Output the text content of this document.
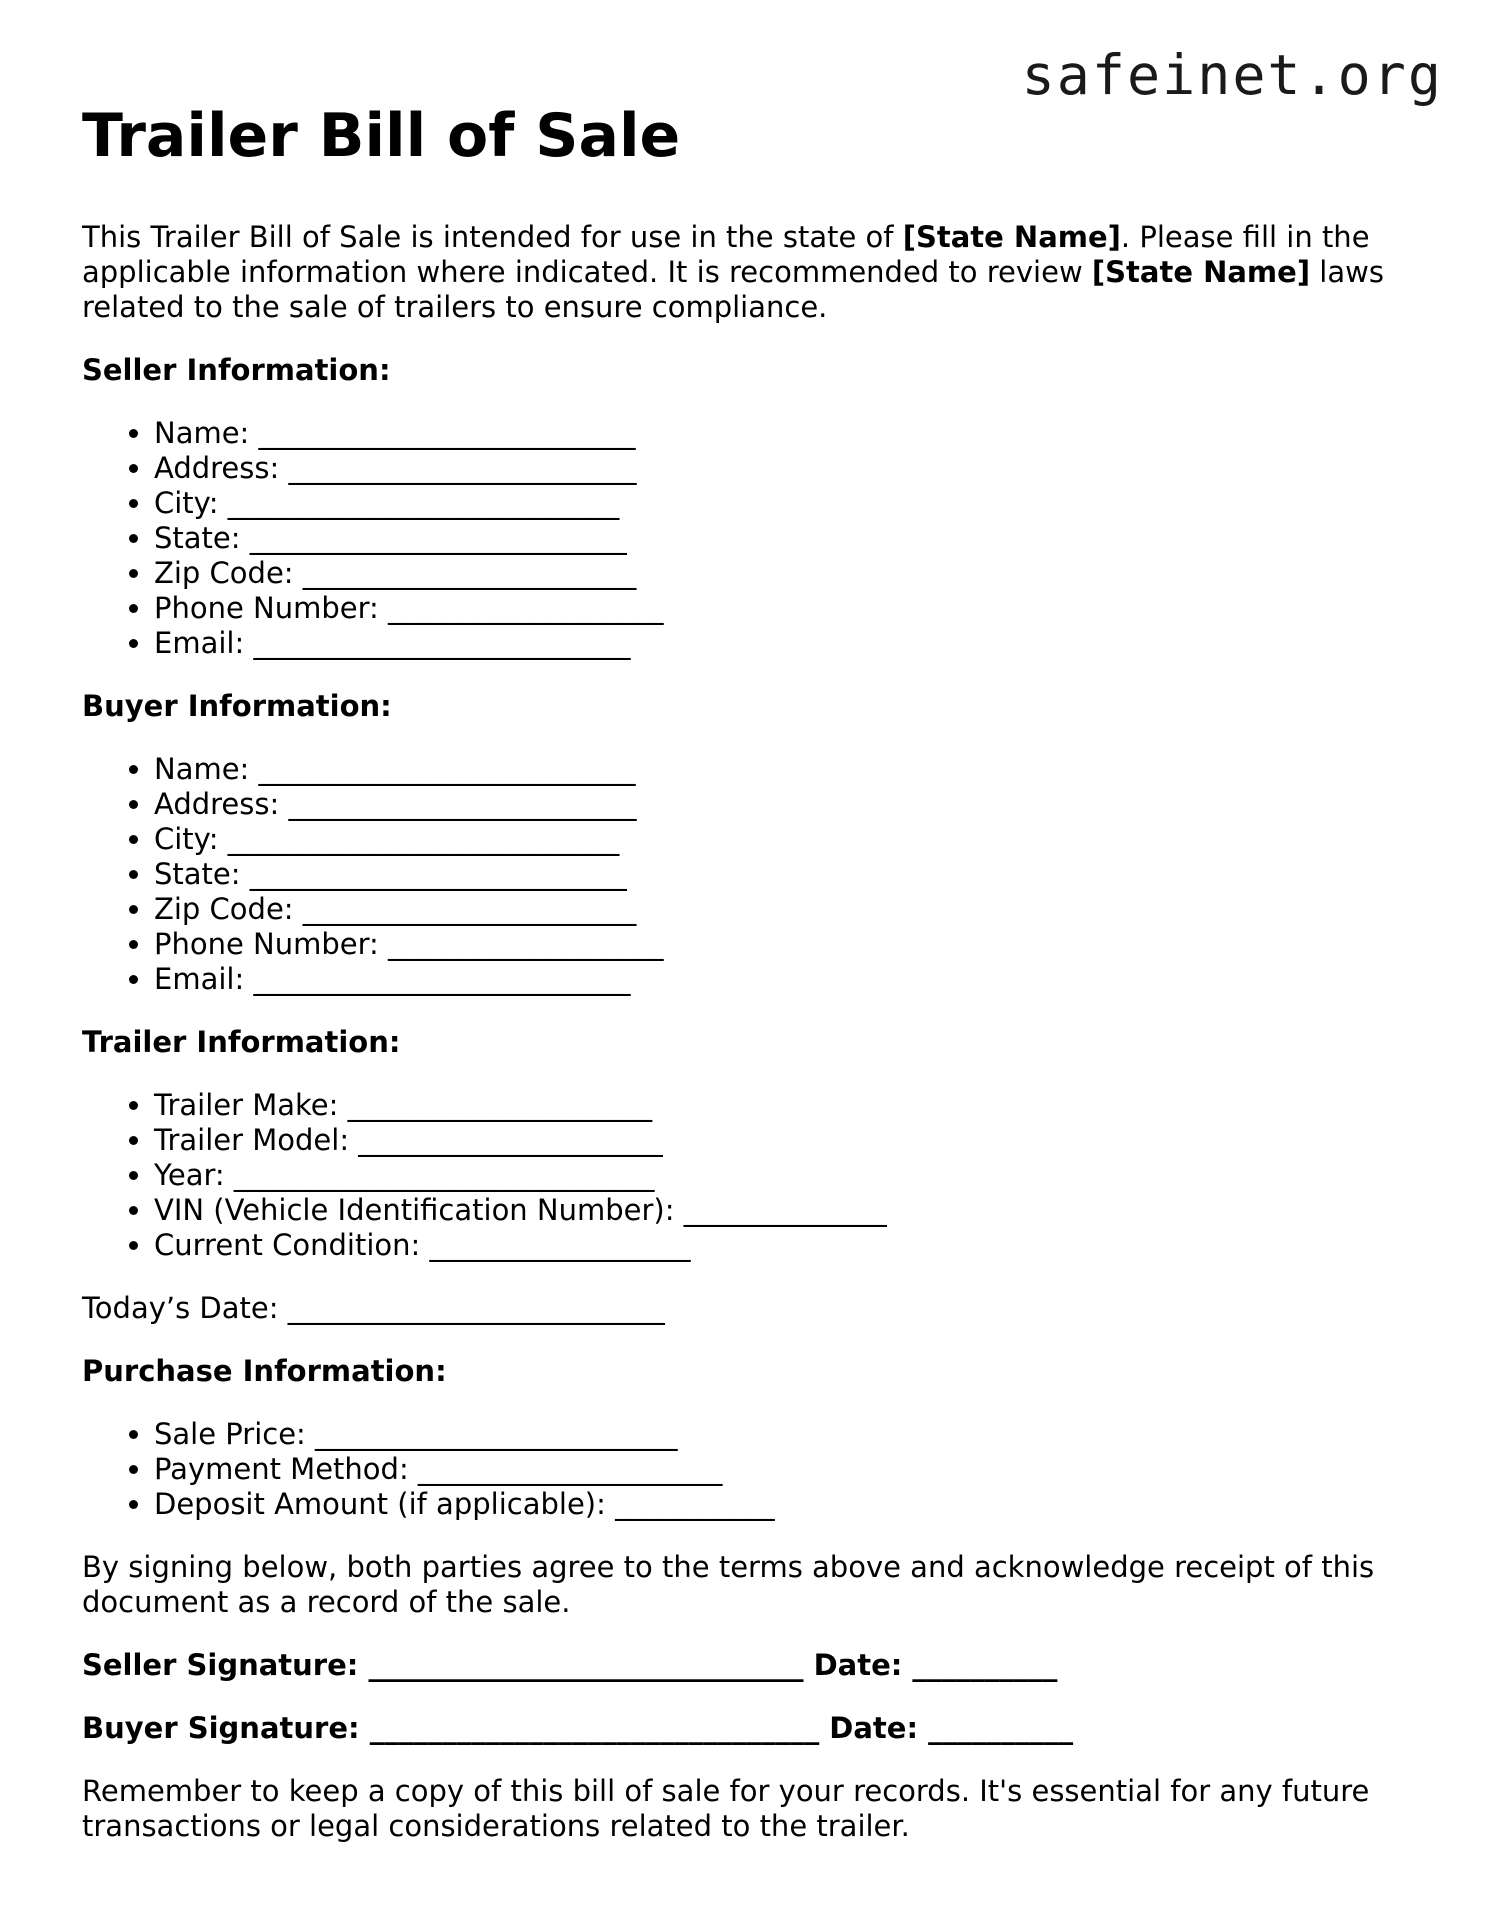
safeinet.org
Trailer Bill of Sale

This Trailer Bill of Sale is intended for use in the state of [State Name]. Please fill in the applicable information where indicated. It is recommended to review [State Name] laws related to the sale of trailers to ensure compliance.

Seller Information:

• Name: __________________________
• Address: ________________________
• City: ___________________________
• State: __________________________
• Zip Code: _______________________
• Phone Number: ___________________
• Email: __________________________

Buyer Information:

• Name: __________________________
• Address: ________________________
• City: ___________________________
• State: __________________________
• Zip Code: _______________________
• Phone Number: ___________________
• Email: __________________________

Trailer Information:

• Trailer Make: _____________________
• Trailer Model: _____________________
• Year: _____________________________
• VIN (Vehicle Identification Number): ______________
• Current Condition: __________________

Today’s Date: __________________________

Purchase Information:

• Sale Price: _________________________
• Payment Method: _____________________
• Deposit Amount (if applicable): ___________

By signing below, both parties agree to the terms above and acknowledge receipt of this document as a record of the sale.

Seller Signature: ______________________________ Date: __________

Buyer Signature: _______________________________ Date: __________

Remember to keep a copy of this bill of sale for your records. It's essential for any future transactions or legal considerations related to the trailer.
